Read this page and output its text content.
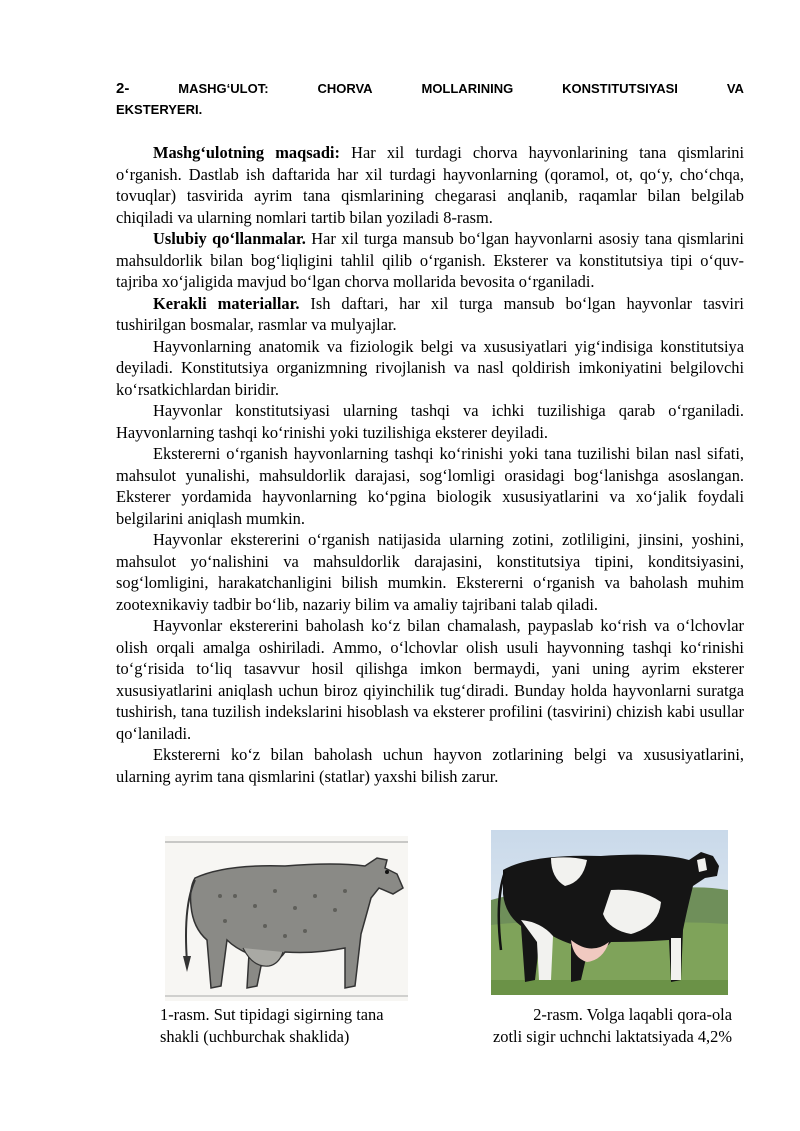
2-	MASHG‘ULOT:	CHORVA	MOLLARINING	KONSTITUTSIYASI	VA
EKSTERYERI.

Mashg‘ulotning maqsadi: Har xil turdagi chorva hayvonlarining tana qismlarini o‘rganish. Dastlab ish daftarida har xil turdagi hayvonlarning (qoramol, ot, qo‘y, cho‘chqa, tovuqlar) tasvirida ayrim tana qismlarining chegarasi anqlanib, raqamlar bilan belgilab chiqiladi va ularning nomlari tartib bilan yoziladi 8-rasm.

Uslubiy qo‘llanmalar. Har xil turga mansub bo‘lgan hayvonlarni asosiy tana qismlarini mahsuldorlik bilan bog‘liqligini tahlil qilib o‘rganish. Eksterer va konstitutsiya tipi o‘quv-tajriba xo‘jaligida mavjud bo‘lgan chorva mollarida bevosita o‘rganiladi.

Kerakli materiallar. Ish daftari, har xil turga mansub bo‘lgan hayvonlar tasviri tushirilgan bosmalar, rasmlar va mulyajlar.

Hayvonlarning anatomik va fiziologik belgi va xususiyatlari yig‘indisiga konstitutsiya deyiladi. Konstitutsiya organizmning rivojlanish va nasl qoldirish imkoniyatini belgilovchi ko‘rsatkichlardan biridir.

Hayvonlar konstitutsiyasi ularning tashqi va ichki tuzilishiga qarab o‘rganiladi. Hayvonlarning tashqi ko‘rinishi yoki tuzilishiga eksterer deyiladi.

Ekstererni o‘rganish hayvonlarning tashqi ko‘rinishi yoki tana tuzilishi bilan nasl sifati, mahsulot yunalishi, mahsuldorlik darajasi, sog‘lomligi orasidagi bog‘lanishga asoslangan. Eksterer yordamida hayvonlarning ko‘pgina biologik xususiyatlarini va xo‘jalik foydali belgilarini aniqlash mumkin.

Hayvonlar ekstererini o‘rganish natijasida ularning zotini, zotliligini, jinsini, yoshini, mahsulot yo‘nalishini va mahsuldorlik darajasini, konstitutsiya tipini, konditsiyasini, sog‘lomligini, harakatchanligini bilish mumkin. Ekstererni o‘rganish va baholash muhim zootexnikaviy tadbir bo‘lib, nazariy bilim va amaliy tajribani talab qiladi.

Hayvonlar ekstererini baholash ko‘z bilan chamalash, paypaslab ko‘rish va o‘lchovlar olish orqali amalga oshiriladi. Ammo, o‘lchovlar olish usuli hayvonning tashqi ko‘rinishi to‘g‘risida to‘liq tasavvur hosil qilishga imkon bermaydi, yani uning ayrim eksterer xususiyatlarini aniqlash uchun biroz qiyinchilik tug‘diradi. Bunday holda hayvonlarni suratga tushirish, tana tuzilish indekslarini hisoblash va eksterer profilini (tasvirini) chizish kabi usullar qo‘laniladi.

Ekstererni ko‘z bilan baholash uchun hayvon zotlarining belgi va xususiyatlarini, ularning ayrim tana qismlarini (statlar) yaxshi bilish zarur.

1-rasm. Sut tipidagi sigirning tana
shakli (uchburchak shaklida)
2-rasm. Volga laqabli qora-ola
zotli sigir uchnchi laktatsiyada 4,2%
